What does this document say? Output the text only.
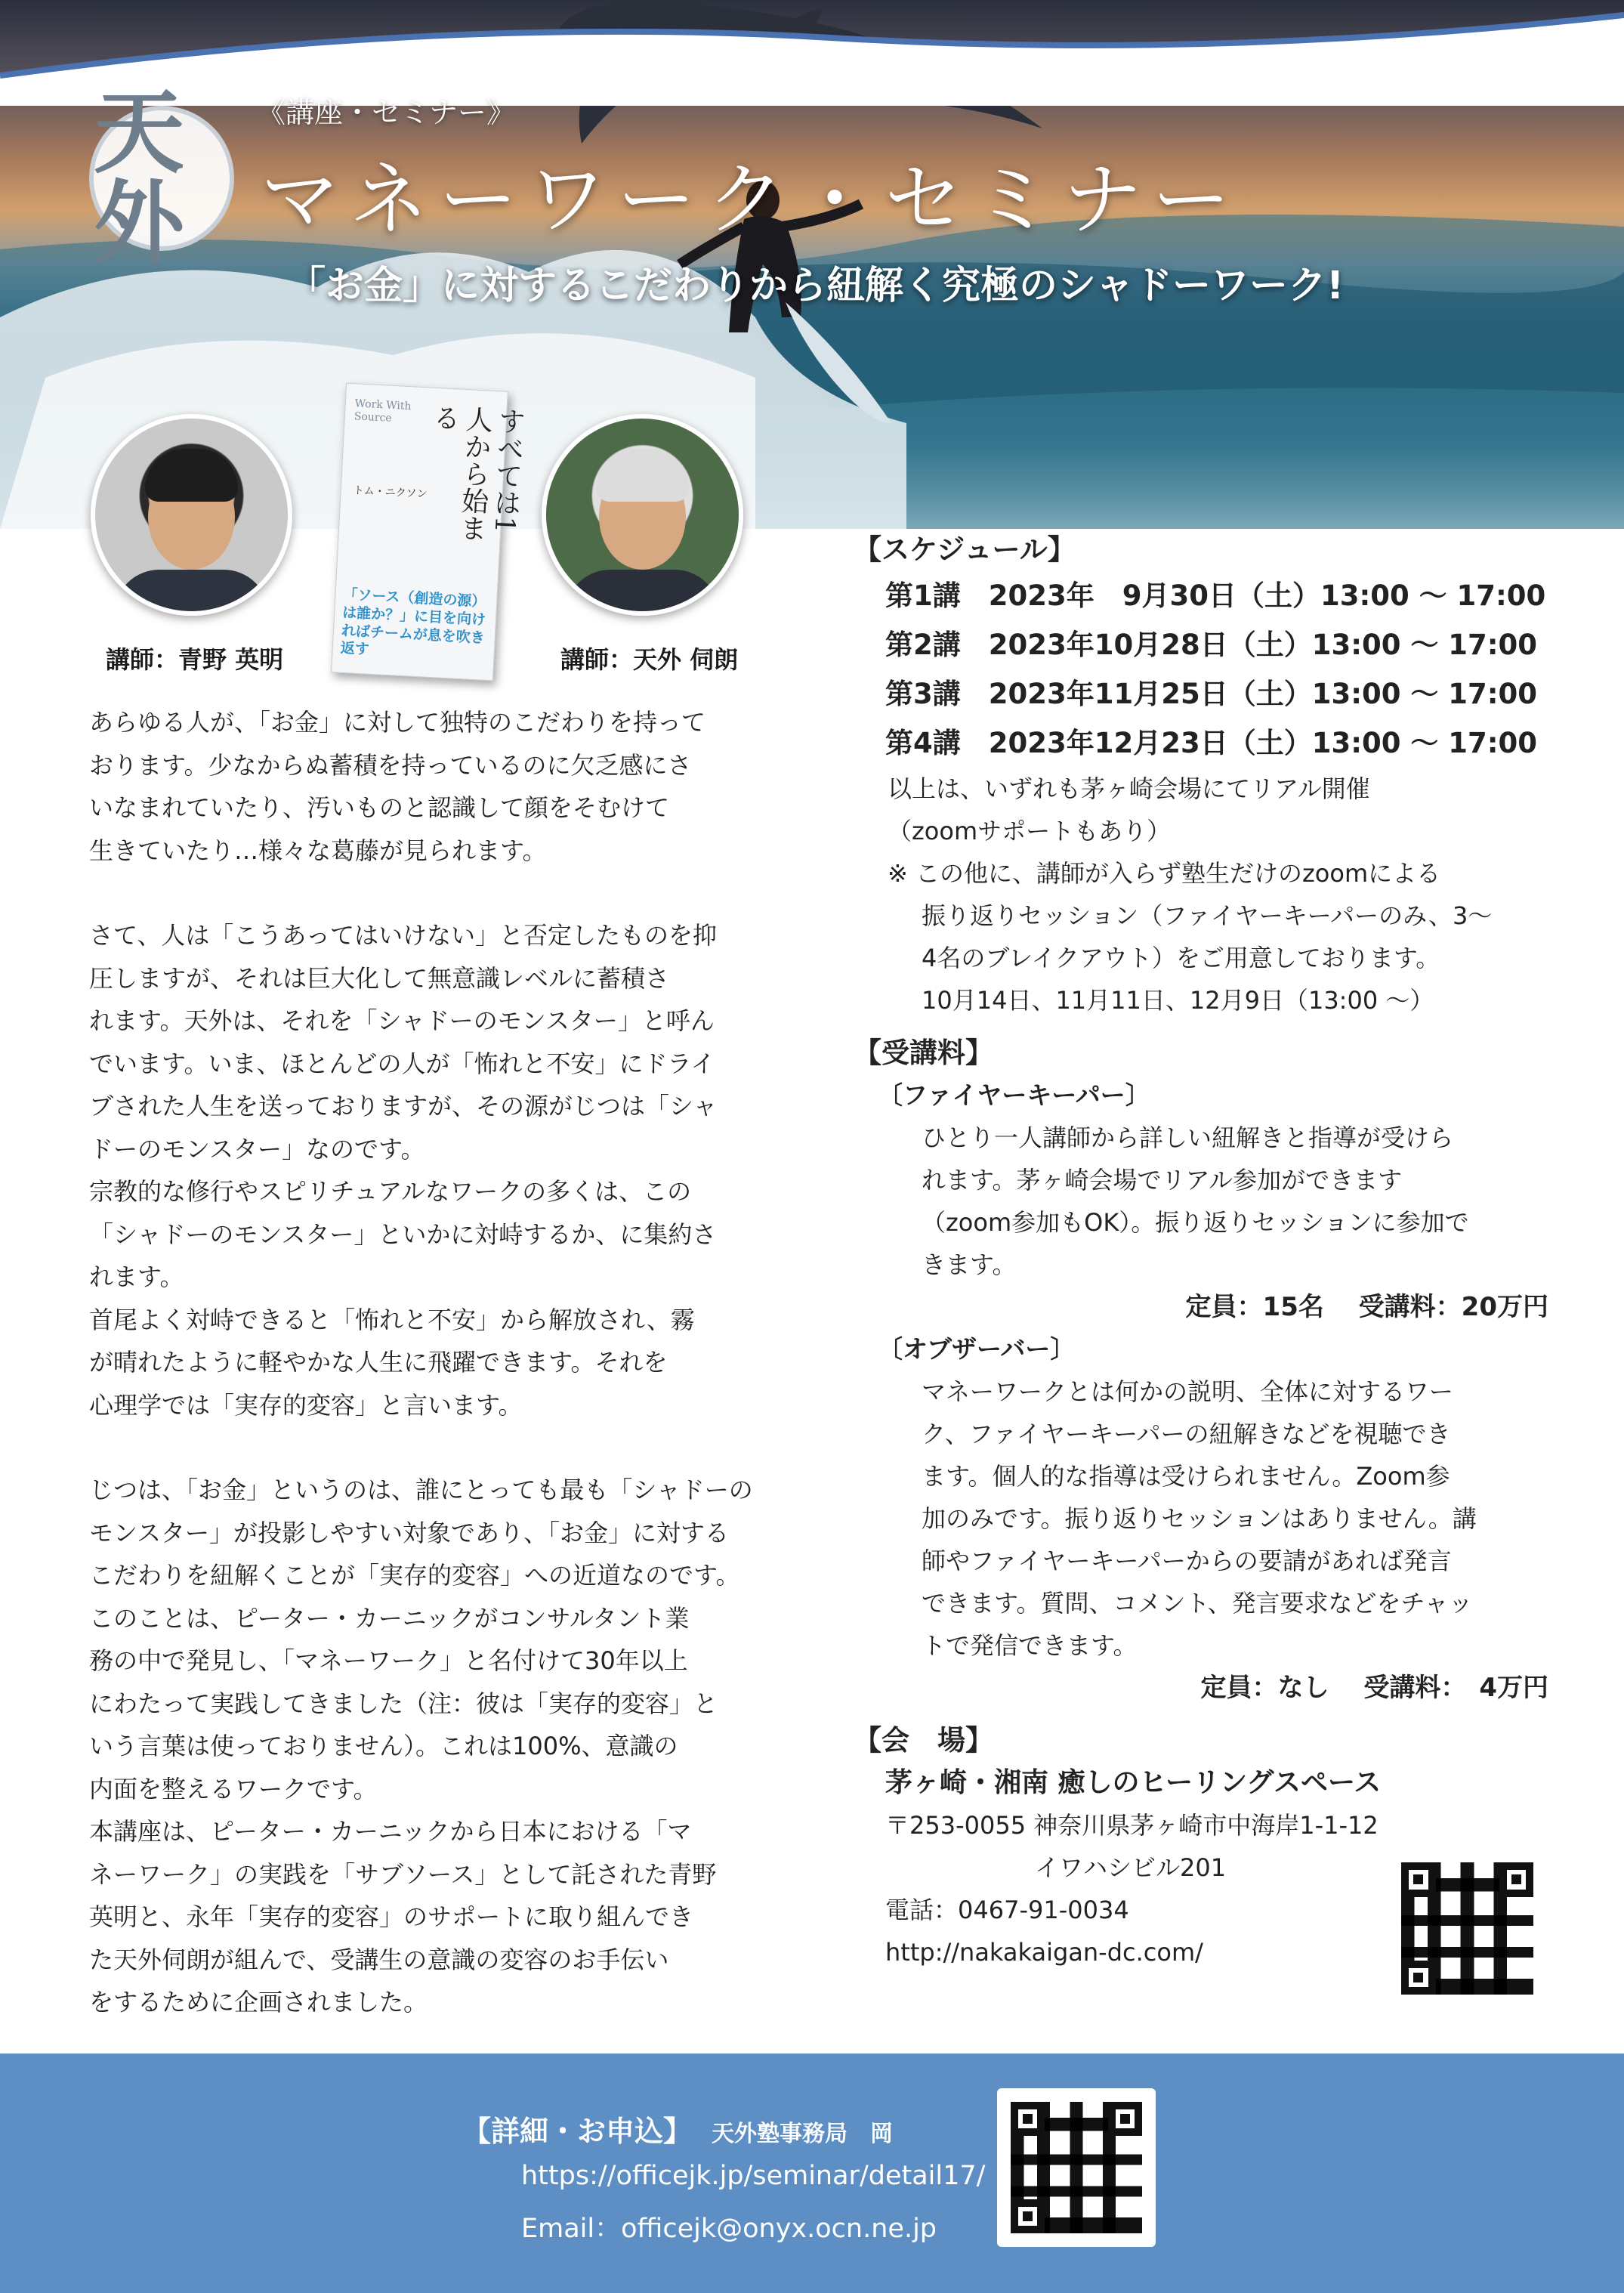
天外
《講座・セミナー》
マネーワーク・セミナー
「お金」に対するこだわりから紐解く究極のシャドーワーク!
講師：青野 英明
Work With Source	すべては1人から始まる
トム・ニクソン
「ソース（創造の源）は誰か？」に目を向ければチームが息を吹き返す	講師：天外 伺朗

あらゆる人が、「お金」に対して独特のこだわりを持って
おります。少なからぬ蓄積を持っているのに欠乏感にさ
いなまれていたり、汚いものと認識して顔をそむけて
生きていたり…様々な葛藤が見られます。

さて、人は「こうあってはいけない」と否定したものを抑
圧しますが、それは巨大化して無意識レベルに蓄積さ
れます。天外は、それを「シャドーのモンスター」と呼ん
でいます。いま、ほとんどの人が「怖れと不安」にドライ
ブされた人生を送っておりますが、その源がじつは「シャ
ドーのモンスター」なのです。
宗教的な修行やスピリチュアルなワークの多くは、この
「シャドーのモンスター」といかに対峙するか、に集約さ
れます。
首尾よく対峙できると「怖れと不安」から解放され、霧
が晴れたように軽やかな人生に飛躍できます。それを
心理学では「実存的変容」と言います。

じつは、「お金」というのは、誰にとっても最も「シャドーの
モンスター」が投影しやすい対象であり、「お金」に対する
こだわりを紐解くことが「実存的変容」への近道なのです。
このことは、ピーター・カーニックがコンサルタント業
務の中で発見し、「マネーワーク」と名付けて30年以上
にわたって実践してきました（注：彼は「実存的変容」と
いう言葉は使っておりません）。これは100%、意識の
内面を整えるワークです。
本講座は、ピーター・カーニックから日本における「マ
ネーワーク」の実践を「サブソース」として託された青野
英明と、永年「実存的変容」のサポートに取り組んでき
た天外伺朗が組んで、受講生の意識の変容のお手伝い
をするために企画されました。

【スケジュール】
第1講　2023年　9月30日（土）13:00 ～ 17:00
第2講　2023年10月28日（土）13:00 ～ 17:00
第3講　2023年11月25日（土）13:00 ～ 17:00
第4講　2023年12月23日（土）13:00 ～ 17:00
以上は、いずれも茅ヶ崎会場にてリアル開催
（zoomサポートもあり）
※ この他に、講師が入らず塾生だけのzoomによる
振り返りセッション（ファイヤーキーパーのみ、3～
4名のブレイクアウト）をご用意しております。
10月14日、11月11日、12月9日（13:00 ～）
【受講料】
〔ファイヤーキーパー〕
ひとり一人講師から詳しい紐解きと指導が受けら
れます。茅ヶ崎会場でリアル参加ができます
（zoom参加もOK）。振り返りセッションに参加で
きます。
定員：15名　 受講料：20万円
〔オブザーバー〕
マネーワークとは何かの説明、全体に対するワー
ク、ファイヤーキーパーの紐解きなどを視聴でき
ます。個人的な指導は受けられません。Zoom参
加のみです。振り返りセッションはありません。講
師やファイヤーキーパーからの要請があれば発言
できます。質問、コメント、発言要求などをチャッ
トで発信できます。
定員：なし　 受講料：　4万円
【会　場】
茅ヶ崎・湘南 癒しのヒーリングスペース
〒253-0055 神奈川県茅ヶ崎市中海岸1-1-12
イワハシビル201
電話：0467-91-0034
http://nakakaigan-dc.com/
【詳細・お申込】 天外塾事務局　岡
https://officejk.jp/seminar/detail17/
Email：officejk@onyx.ocn.ne.jp
